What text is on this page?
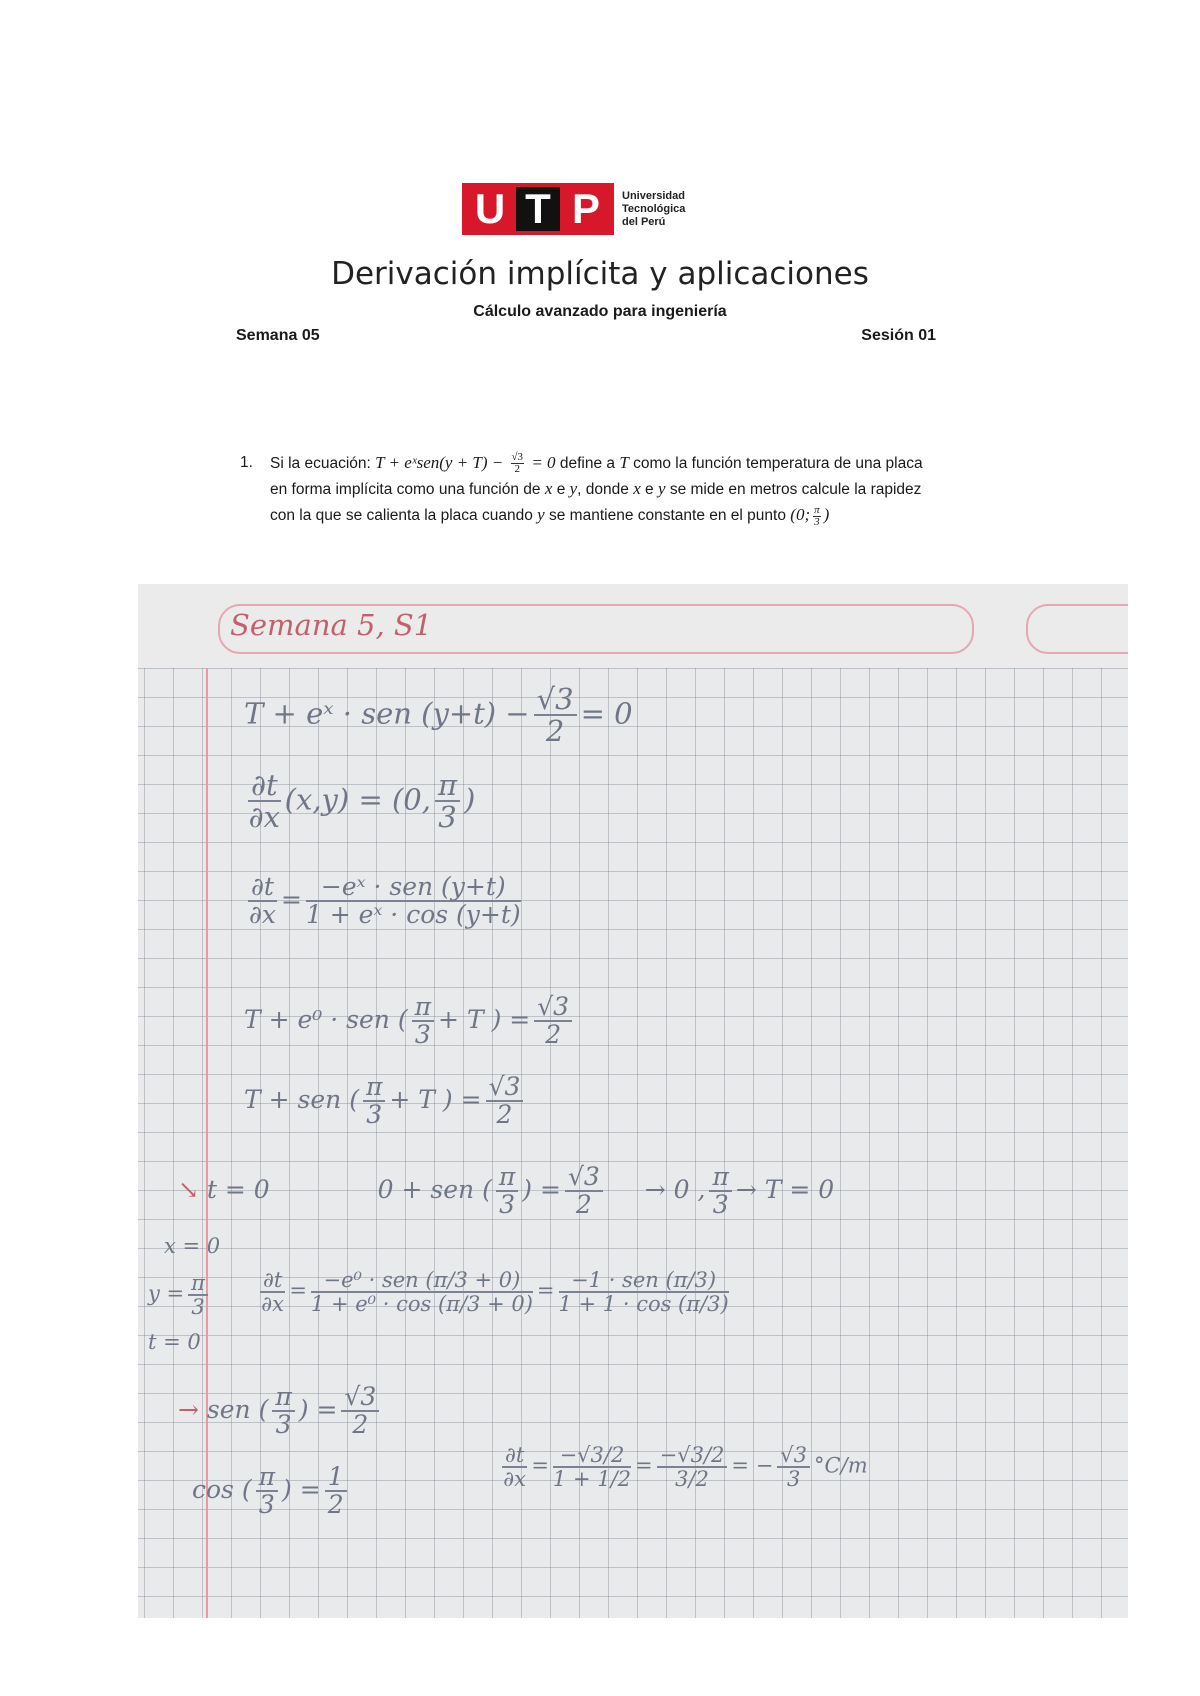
U T P	Universidad
Tecnológica
del Perú
Derivación implícita y aplicaciones
Cálculo avanzado para ingeniería
Semana 05	Sesión 01
1.	Si la ecuación: T + eˣsen(y + $T) - \frac{√3}{2} = 0$ define a T como la función temperatura de una placa en forma implícita como una función de x e y, donde x e y se mide en metros calcule la rapidez con la que se calienta la placa cuando y se mantiene constante en el punto (0; $\frac{\pi}{3}$ )
Semana 5, S1
T + eˣ · sen $(y+t) - \frac{√3}{2} = 0$
$\frac{\partial t}{\partial x} (x,y) = (0$, $\frac{\pi}{3}$ )
$\frac{\partial t}{\partial x} = \frac{\text{−eˣ · sen (y+t)}}{\text{1 + eˣ · cos (y+t)}}$
T + e⁰ · sen ( $\frac{\pi}{3} + T$ ) = $\frac{√3}{2}$
T + sen ( $\frac{\pi}{3} + T$ ) = $\frac{√3}{2}$
↘ t = 0	0 + sen ( $\frac{\pi}{3}$ ) = $\frac{√3}{2} \to 0$ , $\frac{\pi}{3} \to T = 0$
x = 0
$y = \frac{\pi}{3}$
t = 0
$\frac{\partial t}{\partial x} = \frac{\text{−e⁰ · sen (π/3 + 0)}}{\text{1 + e⁰ · cos (π/3 + 0)}} = \frac{\text{−1 · sen (π/3)}}{1 + 1 \cdot \cos (\pi/3)}$
→ sen ( $\frac{\pi}{3}$ ) = $\frac{√3}{2}$
cos ( $\frac{\pi}{3}$ ) = $\frac{1}{2}$	$\frac{\partial t}{\partial x} = \frac{-√3/2}{1 + 1/2} = \frac{-√3/2}{3/2}$ = − $\frac{√3}{3} ^\circ C/m$
